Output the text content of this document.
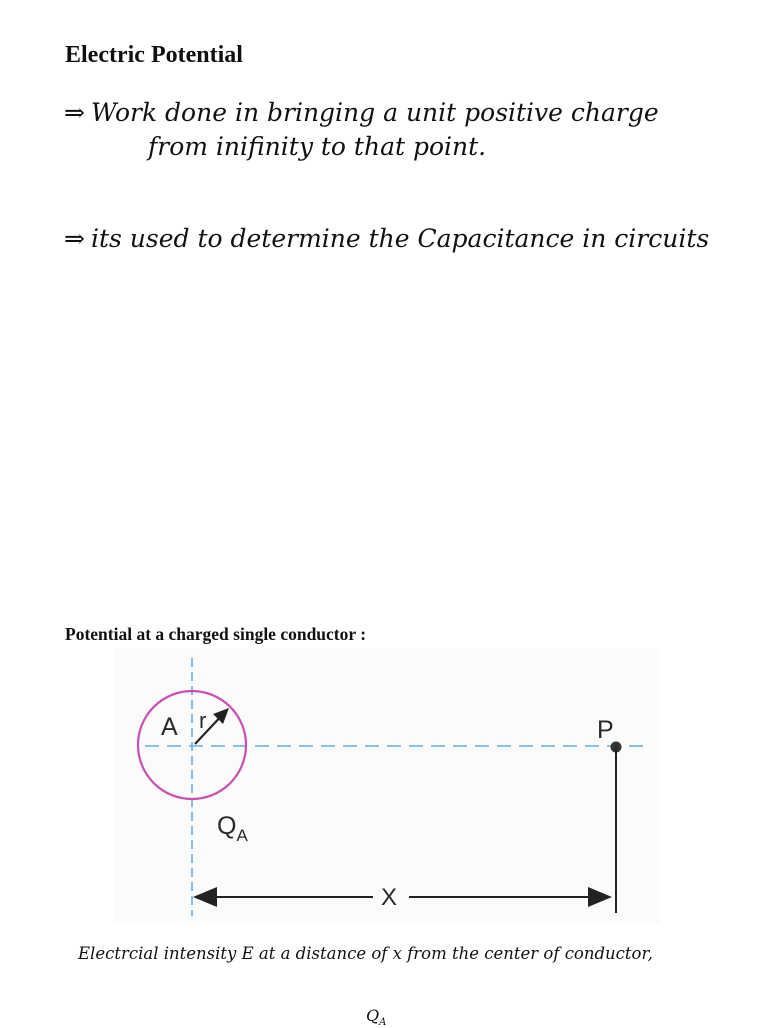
Electric Potential
⇒ Work done in bringing a unit positive charge
from inifinity to that point.
⇒ its used to determine the Capacitance in circuits
Potential at a charged single conductor :
A r	P
$Q_A$
X
Electrcial intensity E at a distance of x from the center of conductor,
$Q_A$
